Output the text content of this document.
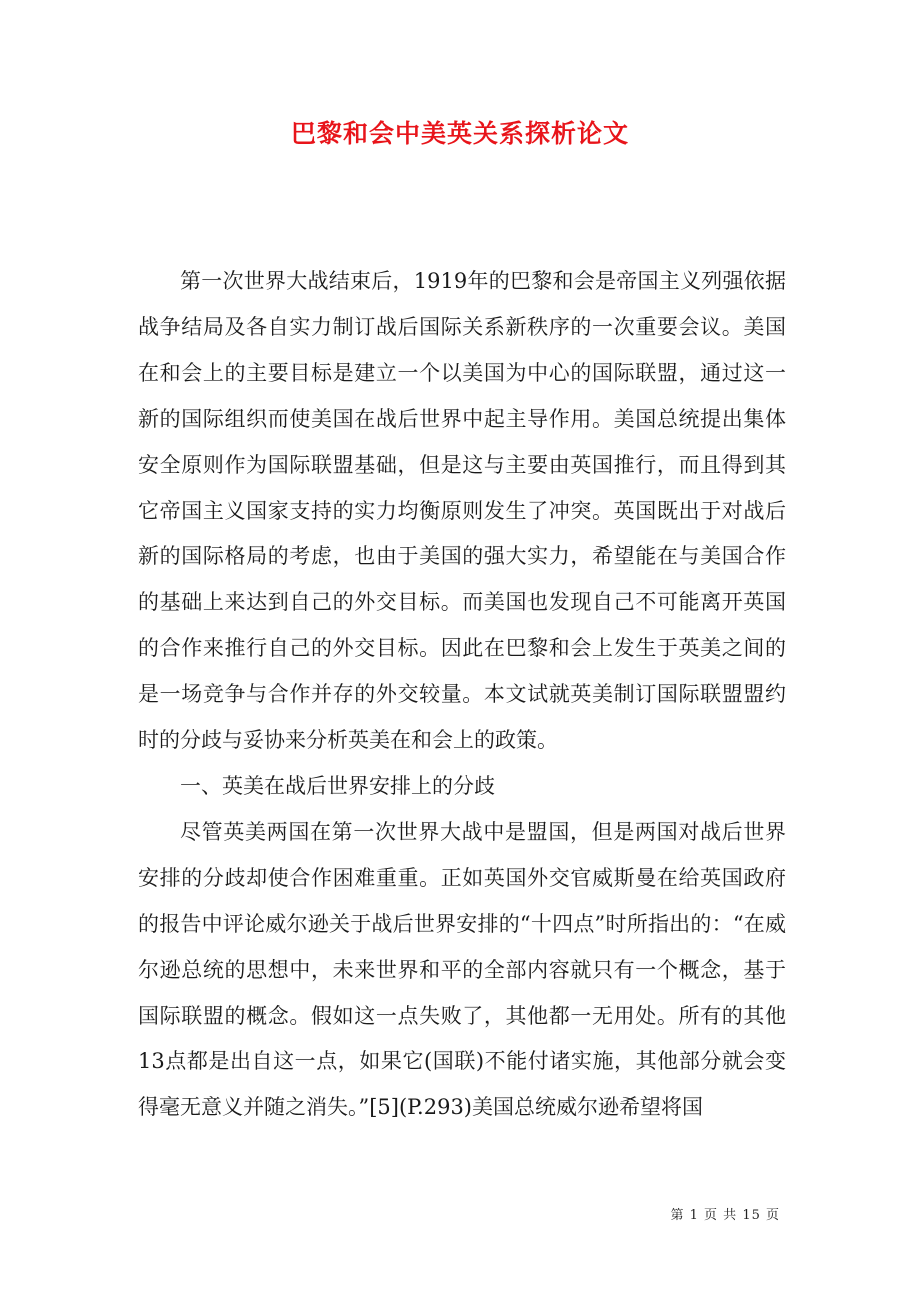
巴黎和会中美英关系探析论文

第一次世界大战结束后，1919年的巴黎和会是帝国主义列强依据战争结局及各自实力制订战后国际关系新秩序的一次重要会议。美国在和会上的主要目标是建立一个以美国为中心的国际联盟，通过这一新的国际组织而使美国在战后世界中起主导作用。美国总统提出集体安全原则作为国际联盟基础，但是这与主要由英国推行，而且得到其它帝国主义国家支持的实力均衡原则发生了冲突。英国既出于对战后新的国际格局的考虑，也由于美国的强大实力，希望能在与美国合作的基础上来达到自己的外交目标。而美国也发现自己不可能离开英国的合作来推行自己的外交目标。因此在巴黎和会上发生于英美之间的是一场竞争与合作并存的外交较量。本文试就英美制订国际联盟盟约时的分歧与妥协来分析英美在和会上的政策。

一、英美在战后世界安排上的分歧

尽管英美两国在第一次世界大战中是盟国，但是两国对战后世界安排的分歧却使合作困难重重。正如英国外交官威斯曼在给英国政府的报告中评论威尔逊关于战后世界安排的“十四点”时所指出的：“在威尔逊总统的思想中，未来世界和平的全部内容就只有一个概念，基于国际联盟的概念。假如这一点失败了，其他都一无用处。所有的其他13点都是出自这一点，如果它(国联)不能付诸实施，其他部分就会变得毫无意义并随之消失。”[5](P.293)美国总统威尔逊希望将国

第 1 页 共 15 页
